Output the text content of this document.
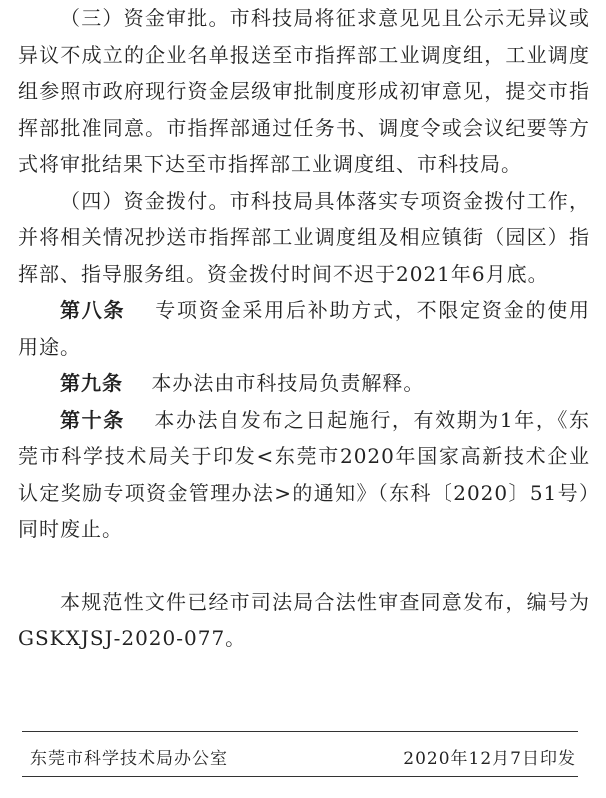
（三）资金审批。市科技局将征求意见见且公示无异议或异议不成立的企业名单报送至市指挥部工业调度组，工业调度组参照市政府现行资金层级审批制度形成初审意见，提交市指挥部批准同意。市指挥部通过任务书、调度令或会议纪要等方式将审批结果下达至市指挥部工业调度组、市科技局。

（四）资金拨付。市科技局具体落实专项资金拨付工作，并将相关情况抄送市指挥部工业调度组及相应镇街（园区）指挥部、指导服务组。资金拨付时间不迟于2021年6月底。

第八条　 专项资金采用后补助方式，不限定资金的使用用途。

第九条　 本办法由市科技局负责解释。

第十条　 本办法自发布之日起施行，有效期为1年，《东莞市科学技术局关于印发<东莞市2020年国家高新技术企业认定奖励专项资金管理办法>的通知》（东科〔2020〕51号）同时废止。

本规范性文件已经市司法局合法性审查同意发布，编号为GSKXJSJ-2020-077。

东莞市科学技术局办公室	2020年12月7日印发
